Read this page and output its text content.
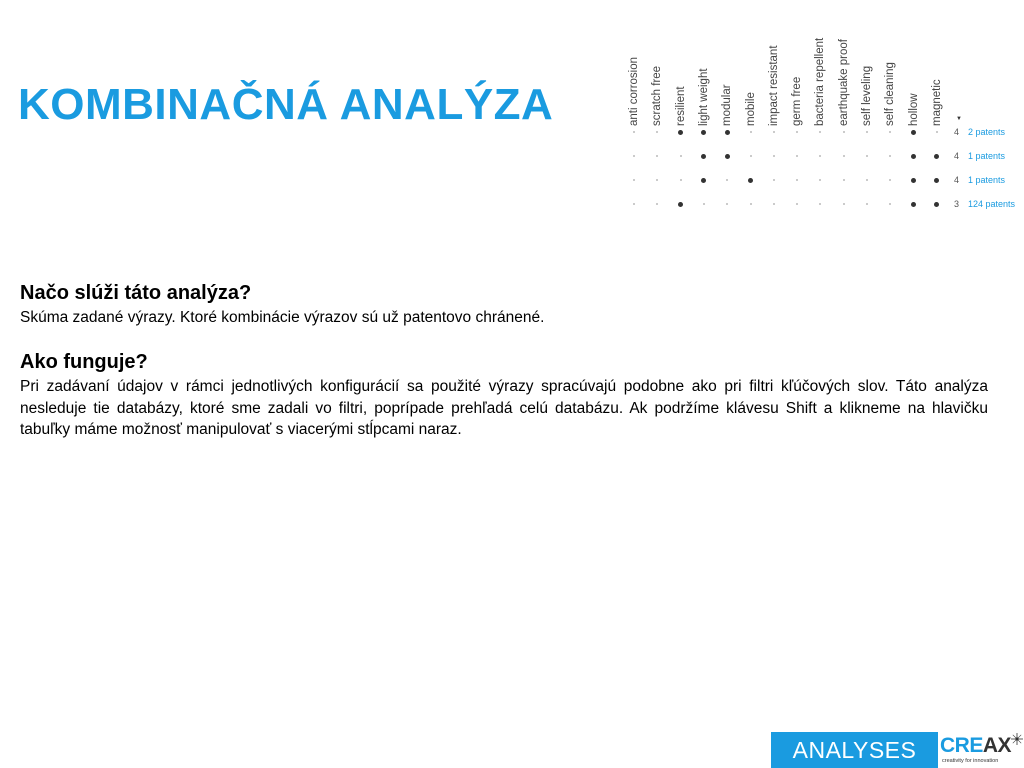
KOMBINAČNÁ ANALÝZA	anti corrosion scratch free resilient light weight modular mobile impact resistant germ free bacteria repellent earthquake proof self leveling self cleaning hollow magnetic
4 2 patents
4 1 patents
4 1 patents
3 124 patents
▼
Načo slúži táto analýza?

Skúma zadané výrazy. Ktoré kombinácie výrazov sú už patentovo chránené.

Ako funguje?

Pri zadávaní údajov v rámci jednotlivých konfigurácií sa použité výrazy spracúvajú podobne ako pri filtri kľúčových slov. Táto analýza nesleduje tie databázy, ktoré sme zadali vo filtri, poprípade prehľadá celú databázu. Ak podržíme klávesu Shift a klikneme na hlavičku tabuľky máme možnosť manipulovať s viacerými stĺpcami naraz.

ANALYSES	CREAX
creativity for innovation
